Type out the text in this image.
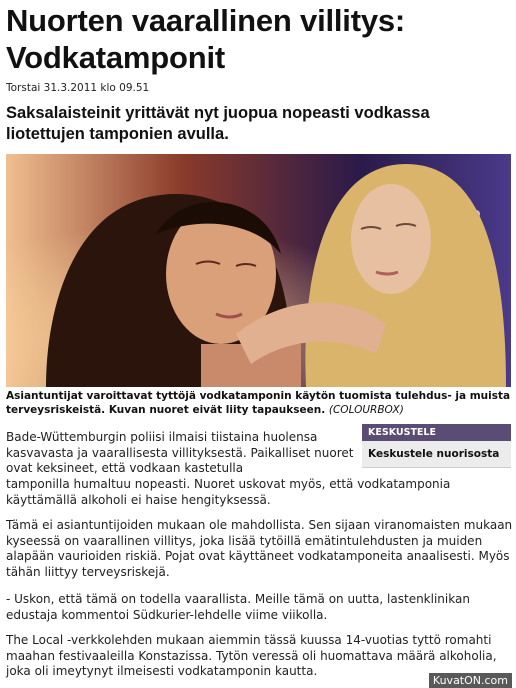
Nuorten vaarallinen villitys: Vodkatamponit
Torstai 31.3.2011 klo 09.51
Saksalaisteinit yrittävät nyt juopua nopeasti vodkassa liotettujen tamponien avulla.
Asiantuntijat varoittavat tyttöjä vodkatamponin käytön tuomista tulehdus- ja muista terveysriskeistä. Kuvan nuoret eivät liity tapaukseen. (COLOURBOX)
KESKUSTELE
Keskustele nuorisosta
Bade-Wüttemburgin poliisi ilmaisi tiistaina huolensa kasvavasta ja vaarallisesta villityksestä. Paikalliset nuoret ovat keksineet, että vodkaan kastetulla
tamponilla humaltuu nopeasti. Nuoret uskovat myös, että vodkatamponia käyttämällä alkoholi ei haise hengityksessä.
Tämä ei asiantuntijoiden mukaan ole mahdollista. Sen sijaan viranomaisten mukaan kyseessä on vaarallinen villitys, joka lisää tytöillä emätintulehdusten ja muiden alapään vaurioiden riskiä. Pojat ovat käyttäneet vodkatamponeita anaalisesti. Myös tähän liittyy terveysriskejä.
- Uskon, että tämä on todella vaarallista. Meille tämä on uutta, lastenklinikan edustaja kommentoi Südkurier-lehdelle viime viikolla.
The Local -verkkolehden mukaan aiemmin tässä kuussa 14-vuotias tyttö romahti maahan festivaaleilla Konstazissa. Tytön veressä oli huomattava määrä alkoholia, joka oli imeytynyt ilmeisesti vodkatamponin kautta.
KuvatON.com
